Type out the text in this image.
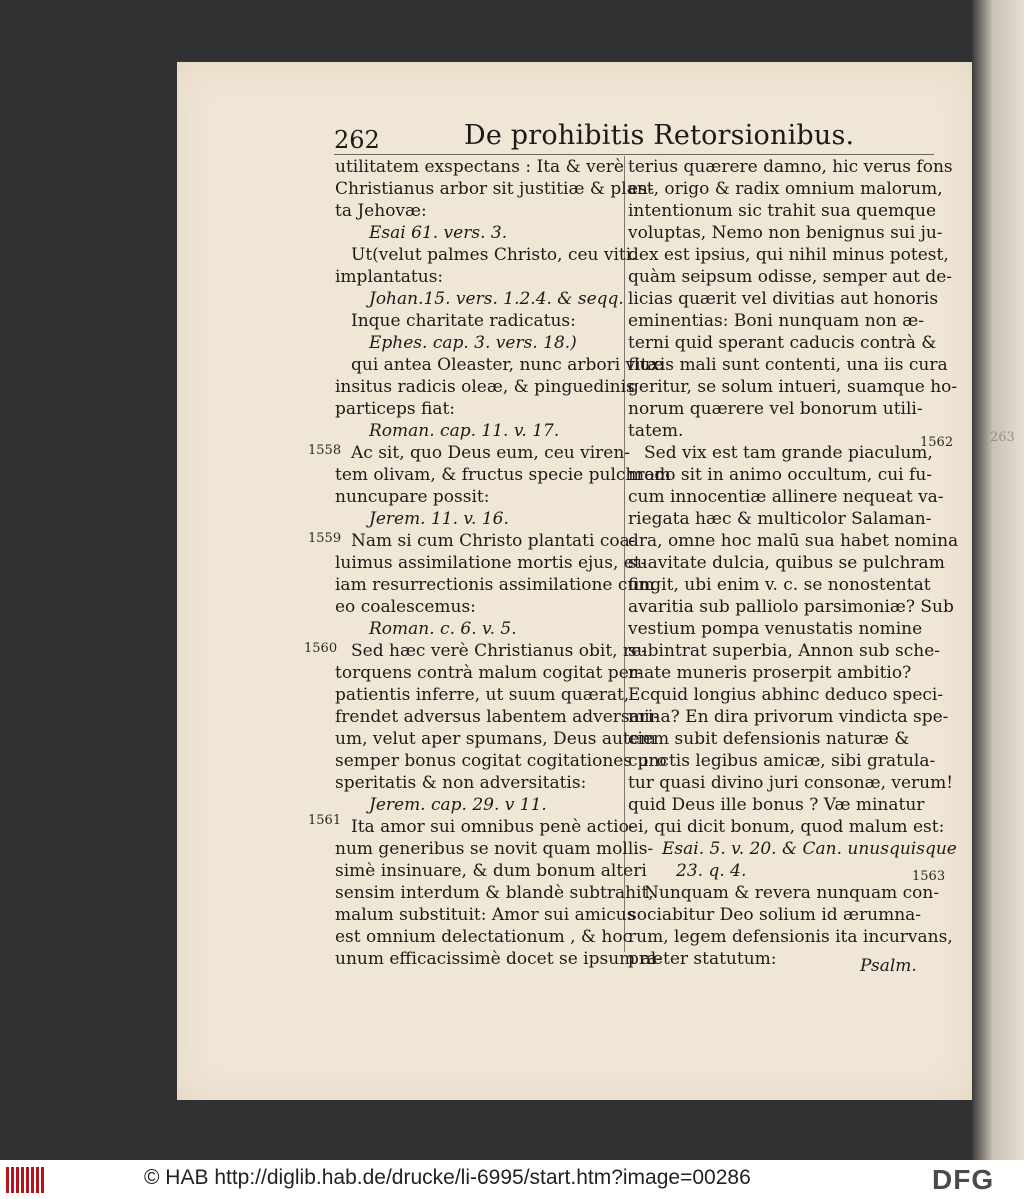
263
262	De prohibitis Retorsionibus.
utilitatem exspectans : Ita & verè
Christianus arbor sit justitiæ & plan-
ta Jehovæ:
Esai 61. vers. 3.
Ut(velut palmes Christo, ceu viti.
implantatus:
Johan.15. vers. 1.2.4. & seqq.
Inque charitate radicatus:
Ephes. cap. 3. vers. 18.)
qui antea Oleaster, nunc arbori vitæ
insitus radicis oleæ, & pinguedinis
particeps fiat:
Roman. cap. 11. v. 17.
Ac sit, quo Deus eum, ceu viren-
tem olivam, & fructus specie pulchram
nuncupare possit:
Jerem. 11. v. 16.
Nam si cum Christo plantati coa-
luimus assimilatione mortis ejus, et-
iam resurrectionis assimilatione cum
eo coalescemus:
Roman. c. 6. v. 5.
Sed hæc verè Christianus obit, re-
torquens contrà malum cogitat per-
patientis inferre, ut suum quærat,
frendet adversus labentem adversari-
um, velut aper spumans, Deus autem
semper bonus cogitat cogitationes pro
speritatis & non adversitatis:
Jerem. cap. 29. v 11.
Ita amor sui omnibus penè actio-
num generibus se novit quam mollis-
simè insinuare, & dum bonum alteri
sensim interdum & blandè subtrahit,
malum substituit: Amor sui amicus
est omnium delectationum , & hoc
unum efficacissimè docet se ipsum al-
terius quærere damno, hic verus fons
est, origo & radix omnium malorum,
intentionum sic trahit sua quemque
voluptas, Nemo non benignus sui ju-
dex est ipsius, qui nihil minus potest,
quàm seipsum odisse, semper aut de-
licias quærit vel divitias aut honoris
eminentias: Boni nunquam non æ-
terni quid sperant caducis contrà &
fluxis mali sunt contenti, una iis cura
geritur, se solum intueri, suamque ho-
norum quærere vel bonorum utili-
tatem.
Sed vix est tam grande piaculum,
modo sit in animo occultum, cui fu-
cum innocentiæ allinere nequeat va-
riegata hæc & multicolor Salaman-
dra, omne hoc malū sua habet nomina
suavitate dulcia, quibus se pulchram
fingit, ubi enim v. c. se nonostentat
avaritia sub palliolo parsimoniæ? Sub
vestium pompa venustatis nomine
subintrat superbia, Annon sub sche-
mate muneris proserpit ambitio?
Ecquid longius abhinc deduco speci-
mina? En dira privorum vindicta spe-
ciem subit defensionis naturæ &
cunctis legibus amicæ, sibi gratula-
tur quasi divino juri consonæ, verum!
quid Deus ille bonus ? Væ minatur
ei, qui dicit bonum, quod malum est:
Esai. 5. v. 20. & Can. unusquisque
23. q. 4.
Nunquam & revera nunquam con-
sociabitur Deo solium id ærumna-
rum, legem defensionis ita incurvans,
præter statutum:
1558
1559
1560
1561
1562
1563
Psalm.
© HAB http://diglib.hab.de/drucke/li-6995/start.htm?image=00286	DFG
